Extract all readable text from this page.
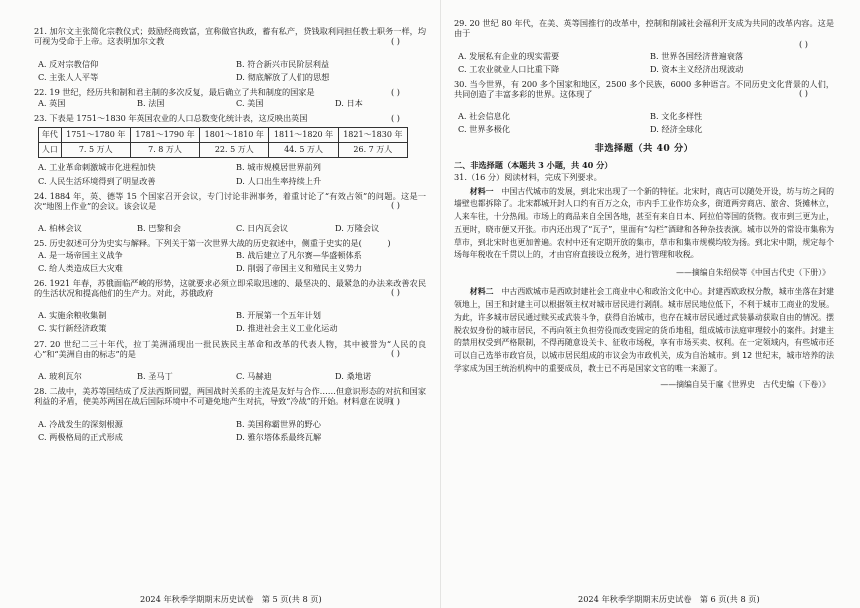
21. 加尔文主张简化宗教仪式；鼓励经商致富，宣称做官执政，蓄有私产，贷钱取利同担任教士职务一样，均可视为受命于上帝。这表明加尔文教	( )
A. 反对宗教信仰	B. 符合新兴市民阶层利益
C. 主张人人平等	D. 彻底解放了人们的思想
22. 19 世纪，经历共和制和君主制的多次反复，最后确立了共和制度的国家是	( )
A. 英国	B. 法国	C. 美国	D. 日本
23. 下表是 1751～1830 年英国农业的人口总数变化统计表，这反映出英国	( )
年代	1751～1780 年	1781～1790 年	1801～1810 年	1811～1820 年	1821～1830 年
人口	7. 5 万人	7. 8 万人	22. 5 万人	44. 5 万人	26. 7 万人
A. 工业革命刺激城市化进程加快	B. 城市规模居世界前列
C. 人民生活环境得到了明显改善	D. 人口出生率持续上升
24. 1884 年，英、德等 15 个国家召开会议，专门讨论非洲事务，着重讨论了“有效占领”的问题。这是一次“地图上作业”的会议。该会议是	( )
A. 柏林会议	B. 巴黎和会	C. 日内瓦会议	D. 万隆会议
25. 历史叙述可分为史实与解释。下列关于第一次世界大战的历史叙述中，侧重于史实的是(          )
A. 是一场帝国主义战争	B. 战后建立了凡尔赛—华盛顿体系
C. 给人类造成巨大灾难	D. 削弱了帝国主义和殖民主义势力
26. 1921 年春，苏俄面临严峻的形势，这就要求必须立即采取迅速的、最坚决的、最紧急的办法来改善农民的生活状况和提高他们的生产力。对此，苏俄政府	( )
A. 实施余粮收集制	B. 开展第一个五年计划
C. 实行新经济政策	D. 推进社会主义工业化运动
27. 20 世纪二三十年代，拉丁美洲涌现出一批民族民主革命和改革的代表人物，其中被誉为“人民的良心”和“美洲自由的标志”的是	( )
A. 玻利瓦尔	B. 圣马丁	C. 马赫迪	D. 桑地诺
28. 二战中，美苏等国结成了反法西斯同盟，两国战时关系的主流是友好与合作……但意识形态的对抗和国家利益的矛盾，使美苏两国在战后国际环境中不可避免地产生对抗，导致“冷战”的开始。材料意在说明
( )
A. 冷战发生的深刻根源	B. 美国称霸世界的野心
C. 两极格局的正式形成	D. 雅尔塔体系最终瓦解
2024 年秋季学期期末历史试卷　第 5 页(共 8 页)
29. 20 世纪 80 年代，在美、英等国推行的改革中，控制和削减社会福利开支成为共同的改革内容。这是由于
( )
A. 发展私有企业的现实需要	B. 世界各国经济普遍衰落
C. 工农业就业人口比重下降	D. 资本主义经济出现波动
30. 当今世界，有 200 多个国家和地区，2500 多个民族，6000 多种语言。不同历史文化背景的人们，共同创造了丰富多彩的世界。这体现了	( )
A. 社会信息化	B. 文化多样性
C. 世界多极化	D. 经济全球化
非选择题（共 40 分）
二、非选择题（本题共 3 小题，共 40 分）
31.（16 分）阅读材料，完成下列要求。
材料一　 中国古代城市的发展，到北宋出现了一个新的特征。北宋时，商店可以随处开设，坊与坊之间的墙壁也都拆除了。北宋都城开封人口约有百万之众，市内手工业作坊众多，街道两旁商店、旅舍、货摊林立，人来车往，十分热闹。市场上的商品来自全国各地，甚至有来自日本、阿拉伯等国的货物。夜市到三更为止，五更时，晓市便又开张。市内还出现了“瓦子”，里面有“勾栏”酒肆和各种杂技表演。城市以外的常设市集称为草市，到北宋时也更加普遍。农村中还有定期开放的集市，草市和集市规模均较为扬。到北宋中期，规定每个场每年税收在千贯以上的，才由官府直接设立税务，进行管理和收税。
——摘编自朱绍侯等《中国古代史（下册）》
材料二　 中古西欧城市是西欧封建社会工商业中心和政治文化中心。封建西欧政权分散，城市坐落在封建领地上，国王和封建主可以根据领主权对城市居民进行剥削。城市居民地位低下，不利于城市工商业的发展。为此，许多城市居民通过赎买或武装斗争，获得自治城市，也存在城市居民通过武装暴动获取自由的情况。摆脱农奴身份的城市居民，不再向领主负担劳役而改变固定的货币地租，组成城市法庭审理较小的案件。封建主的禁用权受到严格限制，不得再随意设关卡、征收市场税，享有市场买卖、权利。在一定领域内，有些城市还可以自己选举市政官员，以城市居民组成的市议会为市政机关，成为自治城市。到 12 世纪末，城市培养的法学家成为国王统治机构中的重要成员，教士已不再是国家文官的唯一来源了。
——摘编自吴于廑《世界史　古代史编（下卷）》
2024 年秋季学期期末历史试卷　第 6 页(共 8 页)
